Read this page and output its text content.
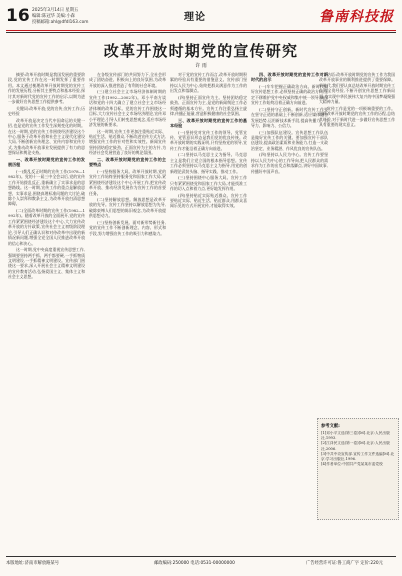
16 2025年3月14日 星期五
编辑:陈冠华 美编:小森
投稿邮箱:ahl@dfdl163.com	理论	鲁南科技报
改革开放时期党的宣传研究
许 雨

摘要:改革开放时期是我国发展的重要阶段,党的宣传工作在这一时期发挥了重要作用。本文通过梳理改革开放时期党的宣传工作的发展历程,分析其主要特点和基本经验,探讨其对新时代党的宣传工作的启示,以期为进一步做好宣传思想工作提供参考。

关键词:改革开放;党的宣传;宣传工作;历史经验

改革开放是决定当代中国命运的关键一招,也是党的宣传工作发生深刻变化的时期。在这一时期,党的宣传工作围绕经济建设这个中心,服务于改革开放和社会主义现代化建设大局,不断创新宣传理念、宣传内容和宣传方式,为推动改革开放事业发展提供了有力的思想保证和舆论支持。

一、改革开放时期党的宣传工作的发展历程

(一)拨乱反正时期的宣传工作(1978—1982年)。党的十一届三中全会以后,党的宣传工作开始拨乱反正,重新确立了实事求是的思想路线。这一时期,宣传工作的重点是解放思想、实事求是,围绕真理标准问题的大讨论,破除个人崇拜和教条主义,为改革开放扫清思想障碍。

(二)全面改革时期的宣传工作(1982—1992年)。随着改革开放的全面展开,党的宣传工作紧紧围绕经济建设这个中心,大力宣传改革开放的方针政策,宣传社会主义初级阶段理论,引导人们正确认识和对待改革中出现的新情况新问题,增强全党全国人民推进改革开放的信心和决心。

这一时期,党中央高度重视宣传思想工作,强调要坚持两手抓、两手都要硬,一手抓物质文明建设,一手抓精神文明建设。宣传部门围绕这一要求,深入开展社会主义精神文明建设的宣传教育活动,弘扬爱国主义、集体主义和社会主义思想。

在各级宣传部门的共同努力下,全社会形成了团结奋进、积极向上的良好氛围,为改革开放的深入推进营造了有利的社会环境。

(三)建立社会主义市场经济体制时期的宣传工作(1992—2002年)。邓小平南方谈话和党的十四大确立了建立社会主义市场经济体制的改革目标。党的宣传工作围绕这一目标,大力宣传社会主义市场经济理论,宣传邓小平理论,引导人们转变思想观念,适应市场经济发展的新要求。

这一时期,宣传工作更加注重贴近实际、贴近生活、贴近群众,不断改进宣传方式方法,增强宣传工作的针对性和实效性。新闻宣传坚持团结稳定鼓劲、正面宣传为主的方针,为经济社会发展营造了良好的舆论氛围。

二、改革开放时期党的宣传工作的主要特点

(一)坚持服务大局。改革开放时期,党的宣传工作始终坚持服务党和国家工作大局,紧紧围绕经济建设这个中心开展工作,把宣传改革开放、推动经济发展作为宣传工作的首要任务。

(二)坚持解放思想。解放思想是改革开放的先导。宣传工作坚持以解放思想为先导,破除束缚人们思想的陈旧观念,为改革开放提供思想动力。

(三)坚持创新发展。面对新形势新任务,党的宣传工作不断创新理念、内容、形式和手段,努力增强宣传工作的吸引力和感染力。

对于党的宣传工作而言,改革开放时期积累的经验具有重要的借鉴意义。宣传部门坚持以人民为中心,始终把群众满意作为工作的出发点和落脚点。

(四)坚持正面宣传为主。坚持团结稳定鼓劲、正面宣传为主,是党的新闻舆论工作必须遵循的基本方针。宣传工作注重弘扬主旋律,传播正能量,营造积极健康的社会氛围。

三、改革开放时期党的宣传工作的基本经验

(一)坚持党对宣传工作的领导。党管宣传、党管意识形态是我们党的优良传统。改革开放时期的实践证明,只有坚持党的领导,宣传工作才能沿着正确方向前进。

(二)坚持以马克思主义为指导。马克思主义是我们立党立国的根本指导思想。宣传工作必须坚持以马克思主义为指导,用党的创新理论武装头脑、指导实践、推动工作。

(三)坚持围绕中心服务大局。宣传工作只有紧紧围绕党和国家工作大局,才能找准工作的切入点和着力点,更好地发挥作用。

(四)坚持贴近实际贴近群众。宣传工作要贴近实际、贴近生活、贴近群众,用群众喜闻乐见的方式开展宣传,才能取得实效。

四、改革开放时期党的宣传工作对新时代的启示

(一)牢牢把握正确政治方向。新时代做好宣传思想工作,必须坚持正确的政治方向,坚定不移维护党中央权威和集中统一领导,确保宣传工作始终沿着正确方向前进。

(二)坚持守正创新。新时代宣传工作要在坚守正道的基础上不断创新,适应媒体融合发展趋势,运用新技术新手段,提高传播力、引导力、影响力、公信力。

(三)加强队伍建设。宣传思想工作队伍是做好宣传工作的关键。要加强宣传干部队伍建设,提高政治素质和业务能力,打造一支政治坚定、业务精湛、作风优良的宣传队伍。

(四)坚持以人民为中心。宣传工作要坚持以人民为中心的工作导向,把人民群众的需求作为工作的出发点和落脚点,讲好中国故事,传播好中国声音。

结语:改革开放时期党的宣传工作为我国改革开放事业的顺利推进提供了重要保障。新时代,我们要认真总结改革开放时期宣传工作的宝贵经验,不断开创宣传思想工作新局面,为实现中华民族伟大复兴的中国梦凝聚强大精神力量。

宣传工作是党的一项极端重要的工作。回顾改革开放时期党的宣传工作的历程,总结其经验,对于新时代进一步做好宣传思想工作具有重要的现实意义。

参考文献:
[1]邓小平文选(第三卷)[M].北京:人民出版社,1993.
[2]江泽民文选(第一卷)[M].北京:人民出版社,2006.
[3]中共中央宣传部.宣传工作文件选编[M].北京:学习出版社,1996.
[4]作者单位:中国共产党某某市委党校
本版地址:济南市解放路某号	邮政编码:250000 电话:0531-00000000	广告经营许可证:鲁工商广字 定价:220元
